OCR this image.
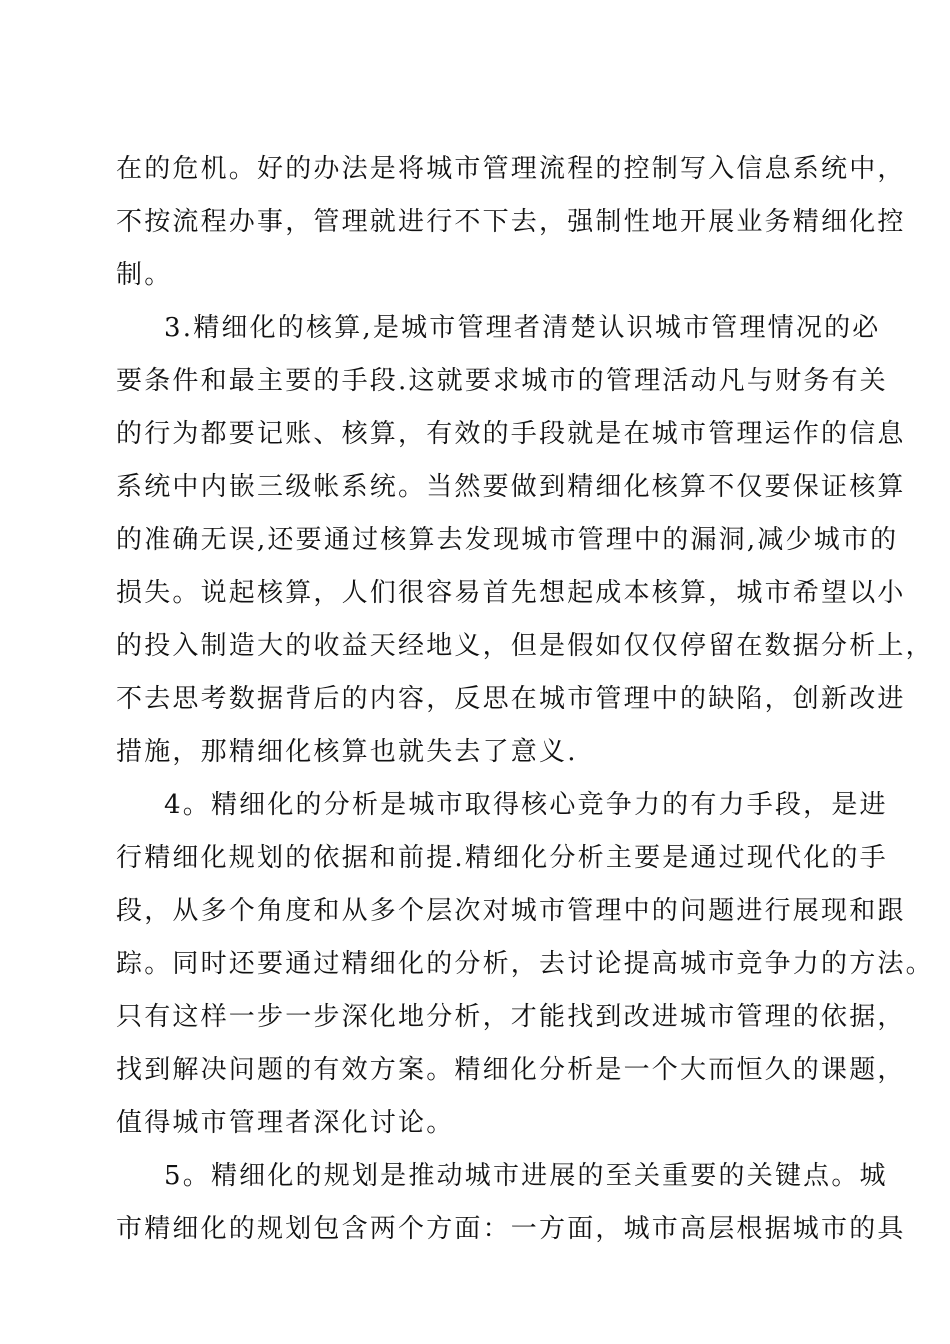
在的危机。好的办法是将城市管理流程的控制写入信息系统中，
不按流程办事，管理就进行不下去，强制性地开展业务精细化控
制。
3.精细化的核算,是城市管理者清楚认识城市管理情况的必
要条件和最主要的手段.这就要求城市的管理活动凡与财务有关
的行为都要记账、核算，有效的手段就是在城市管理运作的信息
系统中内嵌三级帐系统。当然要做到精细化核算不仅要保证核算
的准确无误,还要通过核算去发现城市管理中的漏洞,减少城市的
损失。说起核算，人们很容易首先想起成本核算，城市希望以小
的投入制造大的收益天经地义，但是假如仅仅停留在数据分析上，
不去思考数据背后的内容，反思在城市管理中的缺陷，创新改进
措施，那精细化核算也就失去了意义.
4。精细化的分析是城市取得核心竞争力的有力手段，是进
行精细化规划的依据和前提.精细化分析主要是通过现代化的手
段，从多个角度和从多个层次对城市管理中的问题进行展现和跟
踪。同时还要通过精细化的分析，去讨论提高城市竞争力的方法。
只有这样一步一步深化地分析，才能找到改进城市管理的依据，
找到解决问题的有效方案。精细化分析是一个大而恒久的课题，
值得城市管理者深化讨论。
5。精细化的规划是推动城市进展的至关重要的关键点。城
市精细化的规划包含两个方面：一方面，城市高层根据城市的具
